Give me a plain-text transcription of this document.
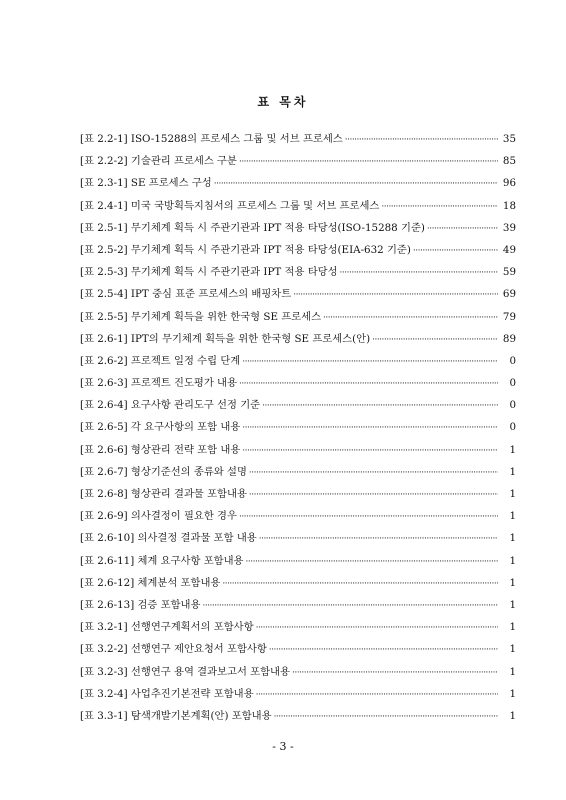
표 목차
[표 2.2-1] ISO-15288의 프로세스 그룹 및 서브 프로세스 ·····	35
[표 2.2-2] 기술관리 프로세스 구분 ·····	85
[표 2.3-1] SE 프로세스 구성 ·····	96
[표 2.4-1] 미국 국방획득지침서의 프로세스 그룹 및 서브 프로세스 ·····	18
[표 2.5-1] 무기체계 획득 시 주관기관과 IPT 적용 타당성(ISO-15288 기준) ·····	39
[표 2.5-2] 무기체계 획득 시 주관기관과 IPT 적용 타당성(EIA-632 기준) ·····	49
[표 2.5-3] 무기체계 획득 시 주관기관과 IPT 적용 타당성 ·····	59
[표 2.5-4] IPT 중심 표준 프로세스의 배핑차트 ·····	69
[표 2.5-5] 무기체계 획득을 위한 한국형 SE 프로세스 ·····	79
[표 2.6-1] IPT의 무기체계 획득을 위한 한국형 SE 프로세스(안) ·····	89
[표 2.6-2] 프로젝트 일정 수립 단계 ·····	0
[표 2.6-3] 프로젝트 진도평가 내용 ·····	0
[표 2.6-4] 요구사항 관리도구 선정 기준 ·····	0
[표 2.6-5] 각 요구사항의 포함 내용 ·····	0
[표 2.6-6] 형상관리 전략 포함 내용 ·····	1
[표 2.6-7] 형상기준선의 종류와 설명 ·····	1
[표 2.6-8] 형상관리 결과물 포함내용 ·····	1
[표 2.6-9] 의사결정이 필요한 경우 ·····	1
[표 2.6-10] 의사결정 결과물 포함 내용 ·····	1
[표 2.6-11] 체계 요구사항 포함내용 ·····	1
[표 2.6-12] 체계분석 포함내용 ·····	1
[표 2.6-13] 검증 포함내용 ·····	1
[표 3.2-1] 선행연구계획서의 포함사항 ·····	1
[표 3.2-2] 선행연구 제안요청서 포함사항 ·····	1
[표 3.2-3] 선행연구 용역 결과보고서 포함내용 ·····	1
[표 3.2-4] 사업추진기본전략 포함내용 ·····	1
[표 3.3-1] 탐색개발기본계획(안) 포함내용 ·····	1
- 3 -
